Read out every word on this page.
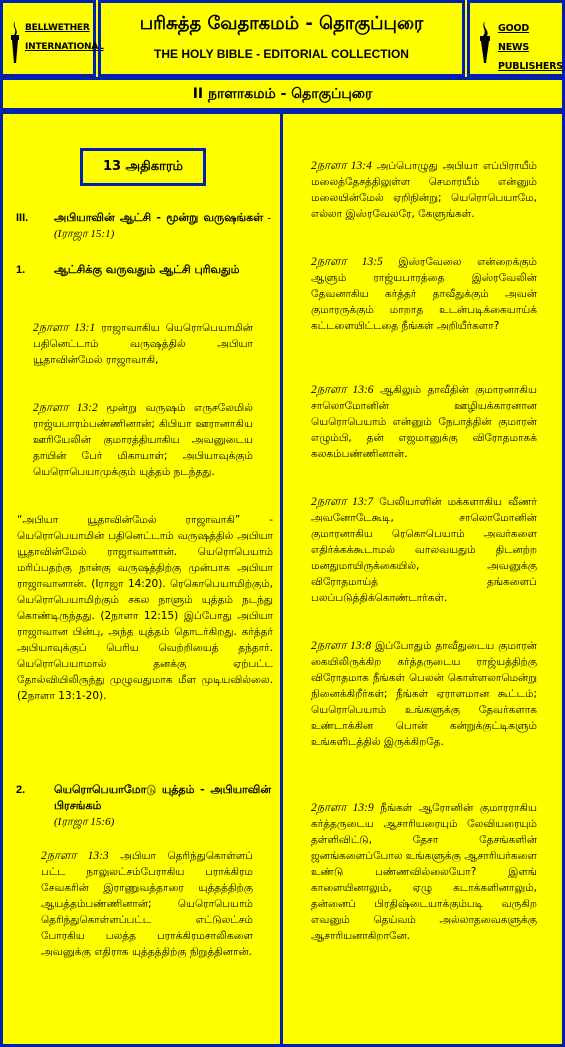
BELLWETHER
INTERNATIONAL
பரிசுத்த வேதாகமம் - தொகுப்புரை
THE HOLY BIBLE - EDITORIAL COLLECTION
GOOD NEWS
PUBLISHERS
II நாளாகமம் - தொகுப்புரை
13 அதிகாரம்
III. அபியாவின் ஆட்சி - மூன்று வருஷங்கள் - (Iராஜா 15:1)
1.	ஆட்சிக்கு வருவதும் ஆட்சி புரிவதும்
2நாளா 13:1 ராஜாவாகிய யெரொபெயாமின் பதினெட்டாம் வருஷத்தில் அபியா யூதாவின்மேல் ராஜாவாகி,
2நாளா 13:2 மூன்று வருஷம் எருசலேமில் ராஜ்யபாரம்பண்ணினான்; கிபியா ஊரானாகிய ஊரியேலின் குமாரத்தியாகிய அவனுடைய தாயின் பேர் மிகாயாள்; அபியாவுக்கும் யெரொபெயாமுக்கும் யுத்தம் நடந்தது.
“அபியா யூதாவின்மேல் ராஜாவாகி” - யெரொபெயாமின் பதினெட்டாம் வருஷத்தில் அபியா யூதாவின்மேல் ராஜாவானான். யெரொபெயாம் மரிப்பதற்கு நான்கு வருஷத்திற்கு முன்பாக அபியா ராஜாவானான். (Iராஜா 14:20). ரெகொபெயாமிற்கும், யெரொபெயாமிற்கும் சகல நாளும் யுத்தம் நடந்து கொண்டிருந்தது. (2நாளா 12:15) இப்போது அபியா ராஜாவான பின்பு, அந்த யுத்தம் தொடர்கிறது. கர்த்தர் அபியாவுக்குப் பெரிய வெற்றியைத் தந்தார். யெரொபெயாமால் தனக்கு ஏற்பட்ட தோல்வியிலிருந்து முழுவதுமாக மீள முடியவில்லை. (2நாளா 13:1-20).
2.	யெரொபெயாமோடு யுத்தம் - அபியாவின் பிரசங்கம்
(Iராஜா 15:6)
2நாளா 13:3 அபியா தெரிந்துகொள்ளப் பட்ட நாலுலட்சம்பேராகிய பராக்கிரம சேவகரின் இராணுவத்தாரை யுத்தத்திற்கு ஆயத்தம்பண்ணினான்; யெரொபெயாம் தெரிந்துகொள்ளப்பட்ட எட்டுலட்சம் போரகிய பலத்த பராக்கிரமசாலிகளை அவனுக்கு எதிராக யுத்தத்திற்கு நிறுத்தினான்.
2நாளா 13:4 அப்பொழுது அபியா எப்பிராயீம் மலைத்தேசத்திலுள்ள செமாரயீம் என்னும் மலையின்மேல் ஏறிநின்று; யெரொபெயாமே, எல்லா இஸ்ரவேலரே, கேளுங்கள்.
2நாளா 13:5 இஸ்ரவேலை என்றைக்கும் ஆளும் ராஜ்யபாரத்தை இஸ்ரவேலின் தேவனாகிய கர்த்தர் தாவீதுக்கும் அவன் குமாரருக்கும் மாறாத உடன்படிக்கையாய்க் கட்டளையிட்டதை நீங்கள் அறியீர்களா?
2நாளா 13:6 ஆகிலும் தாவீதின் குமாரனாகிய சாலொமோனின் ஊழியக்காரனான யெரொபெயாம் என்னும் நேபாத்தின் குமாரன் எழும்பி, தன் எஜமானுக்கு விரோதமாகக் கலகம்பண்ணினான்.
2நாளா 13:7 பேலியாளின் மக்களாகிய வீணர் அவனோடேகூடி, சாலொமோனின் குமாரனாகிய ரெகொபெயாம் அவர்களை எதிர்க்கக்கூடாமல் வாலவயதும் திடனற்ற மனதுமாயிருக்கையில், அவனுக்கு விரோதமாய்த் தங்களைப் பலப்படுத்திக்கொண்டார்கள்.
2நாளா 13:8 இப்போதும் தாவீதுடைய குமாரன் கையிலிருக்கிற கர்த்தருடைய ராஜ்யத்திற்கு விரோதமாக நீங்கள் பெலன் கொள்ளலாமென்று நினைக்கிறீர்கள்; நீங்கள் ஏராளமான கூட்டம்; யெரொபெயாம் உங்களுக்கு தேவர்களாக உண்டாக்கின பொன் கன்றுக்குட்டிகளும் உங்களிடத்தில் இருக்கிறதே.
2நாளா 13:9 நீங்கள் ஆரோனின் குமாரராகிய கர்த்தருடைய ஆசாரியரையும் லேவியரையும் தள்ளிவிட்டு, தேசா தேசங்களின் ஜனங்களைப்போல உங்களுக்கு ஆசாரியர்களை உண்டு பண்ணவில்லையோ? இளங் காளையினாலும், ஏழு கடாக்களினாலும், தன்னைப் பிரதிஷ்டையாக்கும்படி வருகிற எவனும் தெய்வம் அல்லாதவைகளுக்கு ஆசாரியனாகிறானே.
